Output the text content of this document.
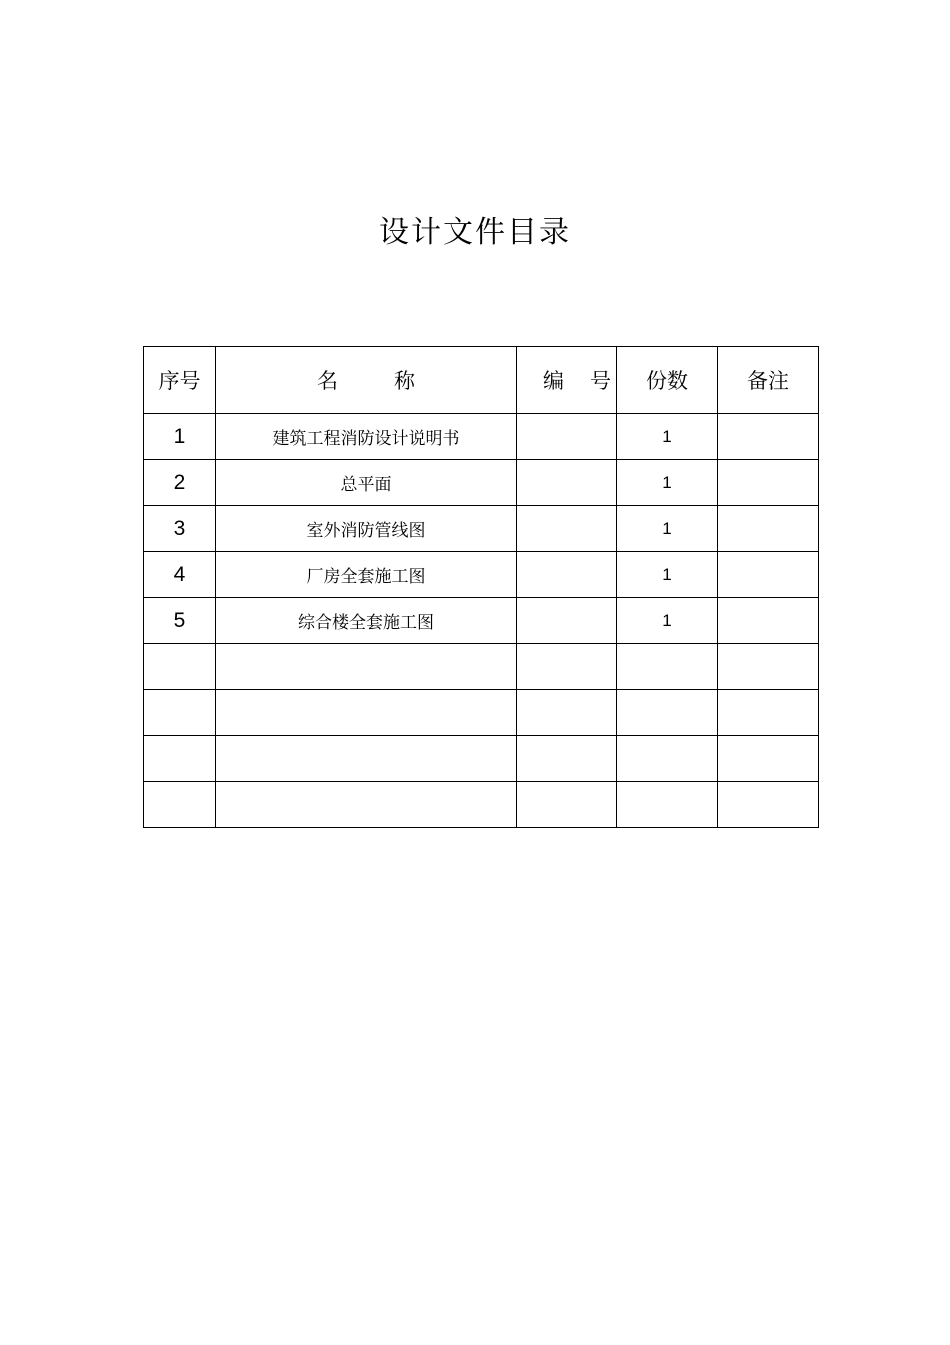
设计文件目录
序号	名称	编号	份数	备注
1	建筑工程消防设计说明书		1	
2	总平面		1	
3	室外消防管线图		1	
4	厂房全套施工图		1	
5	综合楼全套施工图		1	
